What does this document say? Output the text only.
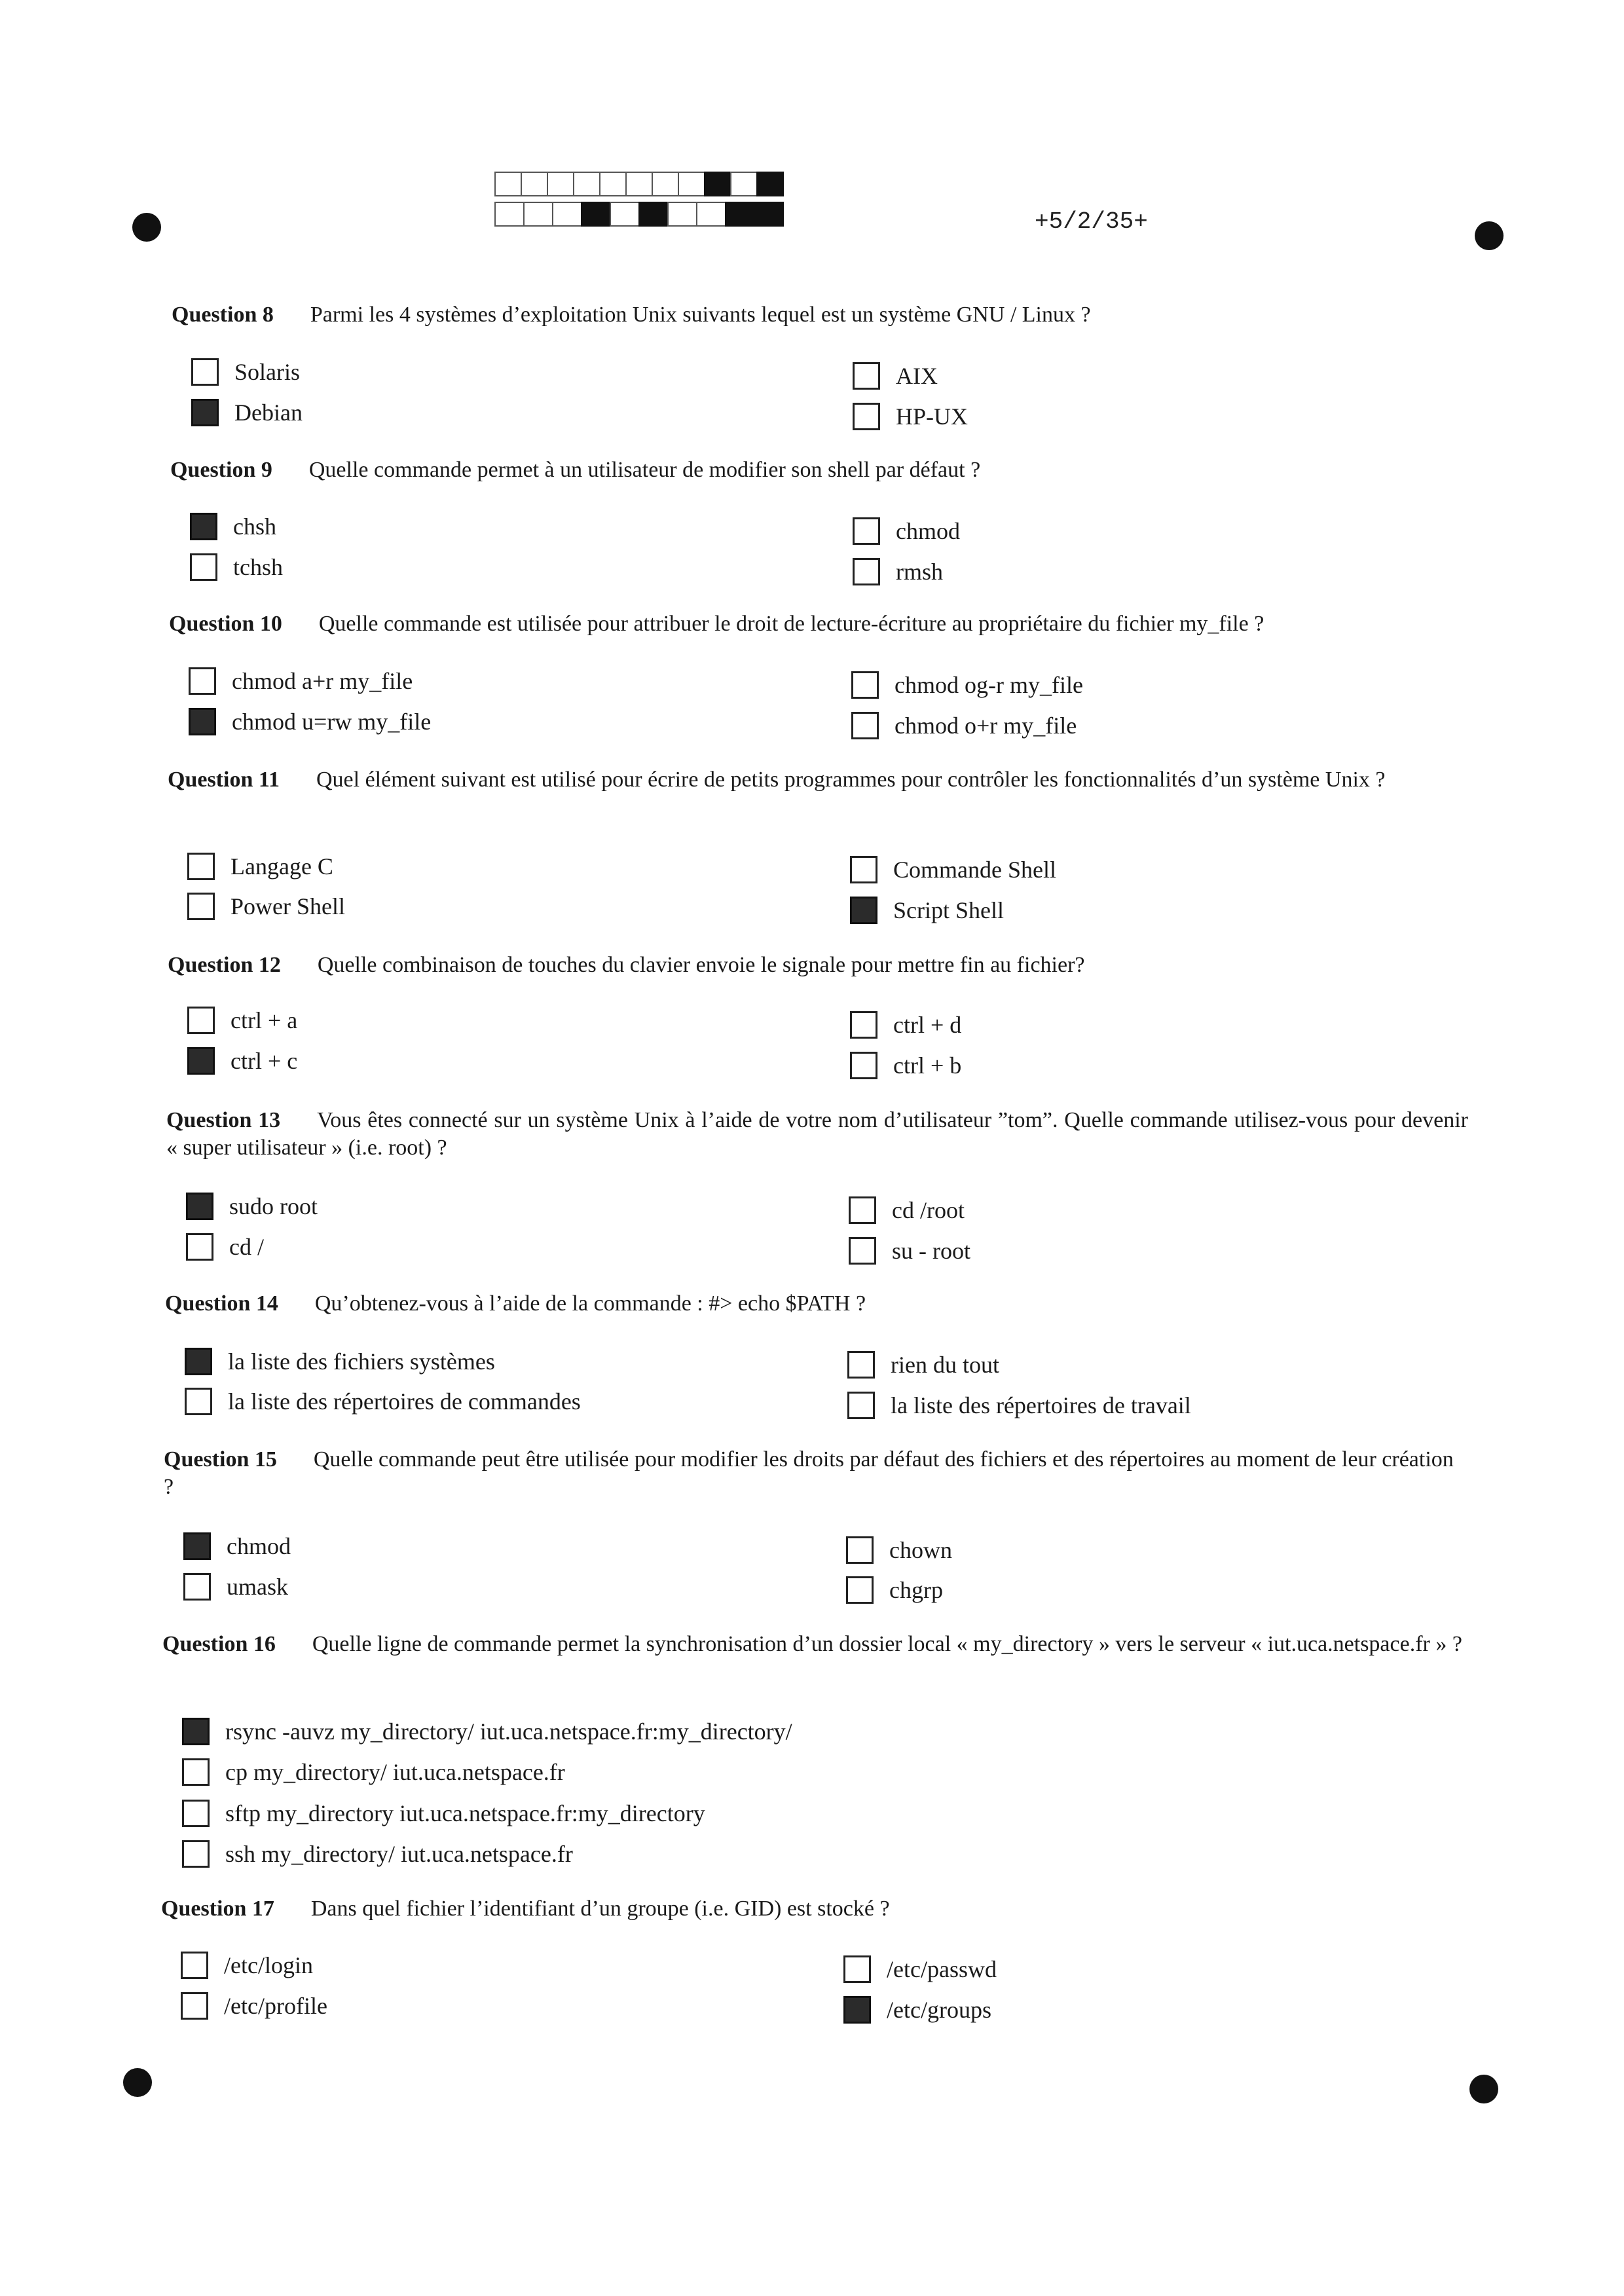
+5/2/35+
Question 8 Parmi les 4 systèmes d’exploitation Unix suivants lequel est un système GNU / Linux ?
Solaris	AIX
Debian	HP-UX
Question 9 Quelle commande permet à un utilisateur de modifier son shell par défaut ?
chsh	chmod
tchsh	rmsh
Question 10 Quelle commande est utilisée pour attribuer le droit de lecture-écriture au propriétaire du fichier my_file ?
chmod a+r my_file	chmod og-r my_file
chmod u=rw my_file	chmod o+r my_file
Question 11 Quel élément suivant est utilisé pour écrire de petits programmes pour contrôler les fonctionnalités d’un système Unix ?
Langage C	Commande Shell
Power Shell	Script Shell
Question 12 Quelle combinaison de touches du clavier envoie le signale pour mettre fin au fichier?
ctrl + a	ctrl + d
ctrl + c	ctrl + b
Question 13 Vous êtes connecté sur un système Unix à l’aide de votre nom d’utilisateur ”tom”. Quelle commande utilisez-vous pour devenir « super utilisateur » (i.e. root) ?
sudo root	cd /root
cd /	su - root
Question 14 Qu’obtenez-vous à l’aide de la commande : #> echo $PATH ?
la liste des fichiers systèmes	rien du tout
la liste des répertoires de commandes	la liste des répertoires de travail
Question 15 Quelle commande peut être utilisée pour modifier les droits par défaut des fichiers et des répertoires au moment de leur création ?
chmod	chown
umask	chgrp
Question 16 Quelle ligne de commande permet la synchronisation d’un dossier local « my_directory » vers le serveur « iut.uca.netspace.fr » ?
rsync -auvz my_directory/ iut.uca.netspace.fr:my_directory/
cp my_directory/ iut.uca.netspace.fr
sftp my_directory iut.uca.netspace.fr:my_directory
ssh my_directory/ iut.uca.netspace.fr
Question 17 Dans quel fichier l’identifiant d’un groupe (i.e. GID) est stocké ?
/etc/login	/etc/passwd
/etc/profile	/etc/groups
